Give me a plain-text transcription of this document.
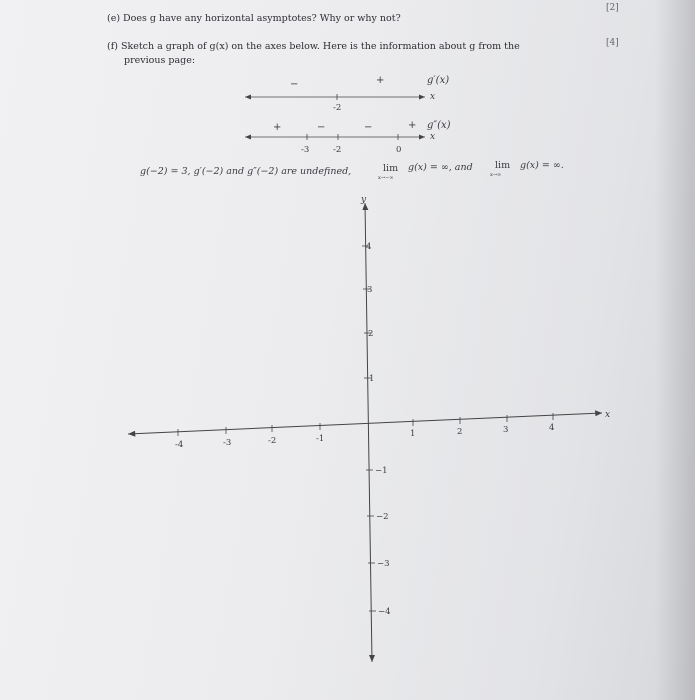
(e) Does g have any horizontal asymptotes? Why or why not?
[2]
(f) Sketch a graph of g(x) on the axes below. Here is the information about g from the
previous page:
[4]
−	+	g′(x)
x
-2
+	−	−	+ g″(x)
x
-3	-2	0
g(−2) = 3, g′(−2) and g″(−2) are undefined,	lim
x→−∞
g(x) = ∞, and lim
x→∞
g(x) = ∞.
x
y
-4	-3	-2	-1	1	2	3	4
4
3
2
1
−1
−2
−3
−4
